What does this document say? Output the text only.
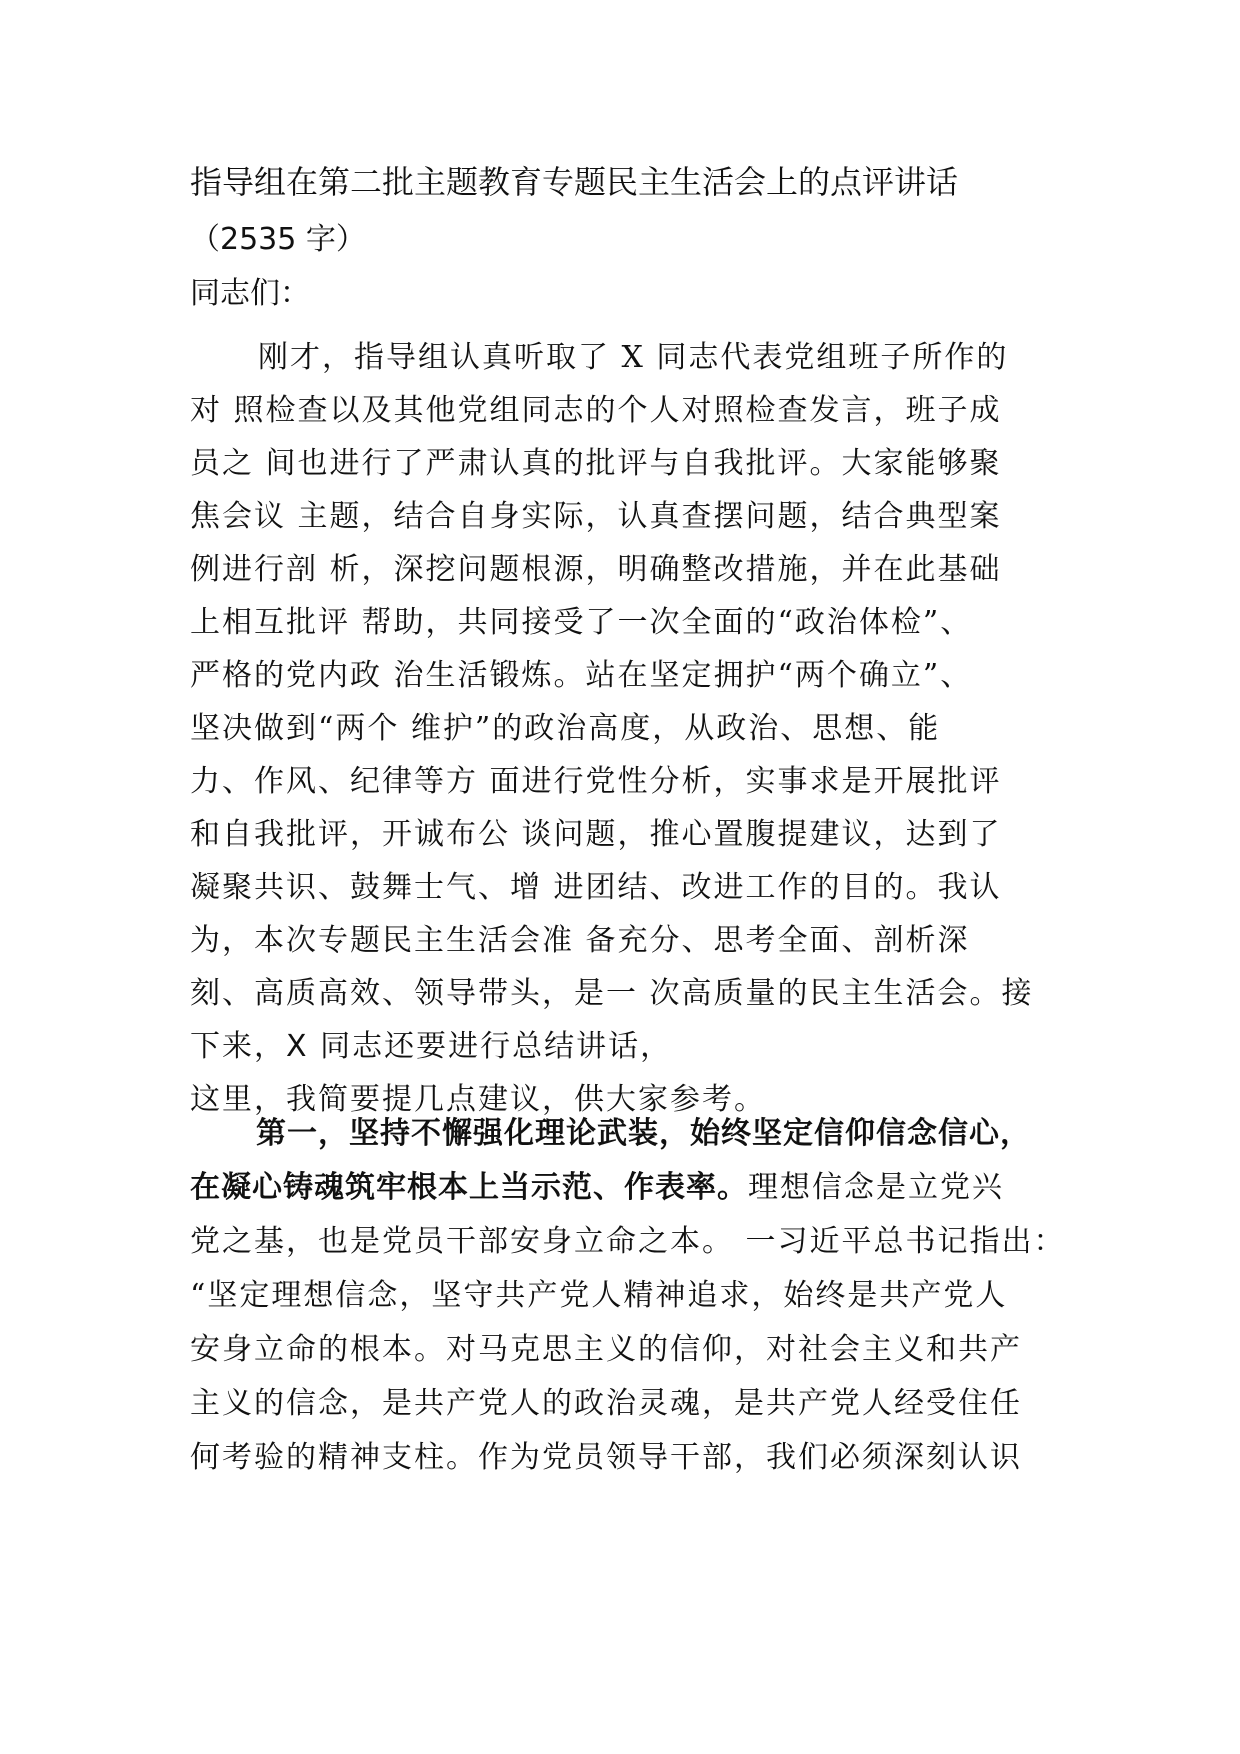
指导组在第二批主题教育专题民主生活会上的点评讲话
（2535 字）
同志们：
刚才，指导组认真听取了 X 同志代表党组班子所作的
对 照检查以及其他党组同志的个人对照检查发言，班子成
员之 间也进行了严肃认真的批评与自我批评。大家能够聚
焦会议 主题，结合自身实际，认真查摆问题，结合典型案
例进行剖 析，深挖问题根源，明确整改措施，并在此基础
上相互批评 帮助，共同接受了一次全面的“政治体检”、
严格的党内政 治生活锻炼。站在坚定拥护“两个确立”、
坚决做到“两个 维护”的政治高度，从政治、思想、能
力、作风、纪律等方 面进行党性分析，实事求是开展批评
和自我批评，开诚布公 谈问题，推心置腹提建议，达到了
凝聚共识、鼓舞士气、增 进团结、改进工作的目的。我认
为，本次专题民主生活会准 备充分、思考全面、剖析深
刻、高质高效、领导带头，是一 次高质量的民主生活会。接
下来，X 同志还要进行总结讲话，
这里，我简要提几点建议，供大家参考。
第一，坚持不懈强化理论武装，始终坚定信仰信念信心，
在凝心铸魂筑牢根本上当示范、作表率。理想信念是立党兴
党之基，也是党员干部安身立命之本。 一习近平总书记指出：
“坚定理想信念，坚守共产党人精神追求，始终是共产党人
安身立命的根本。对马克思主义的信仰，对社会主义和共产
主义的信念，是共产党人的政治灵魂，是共产党人经受住任
何考验的精神支柱。作为党员领导干部，我们必须深刻认识
